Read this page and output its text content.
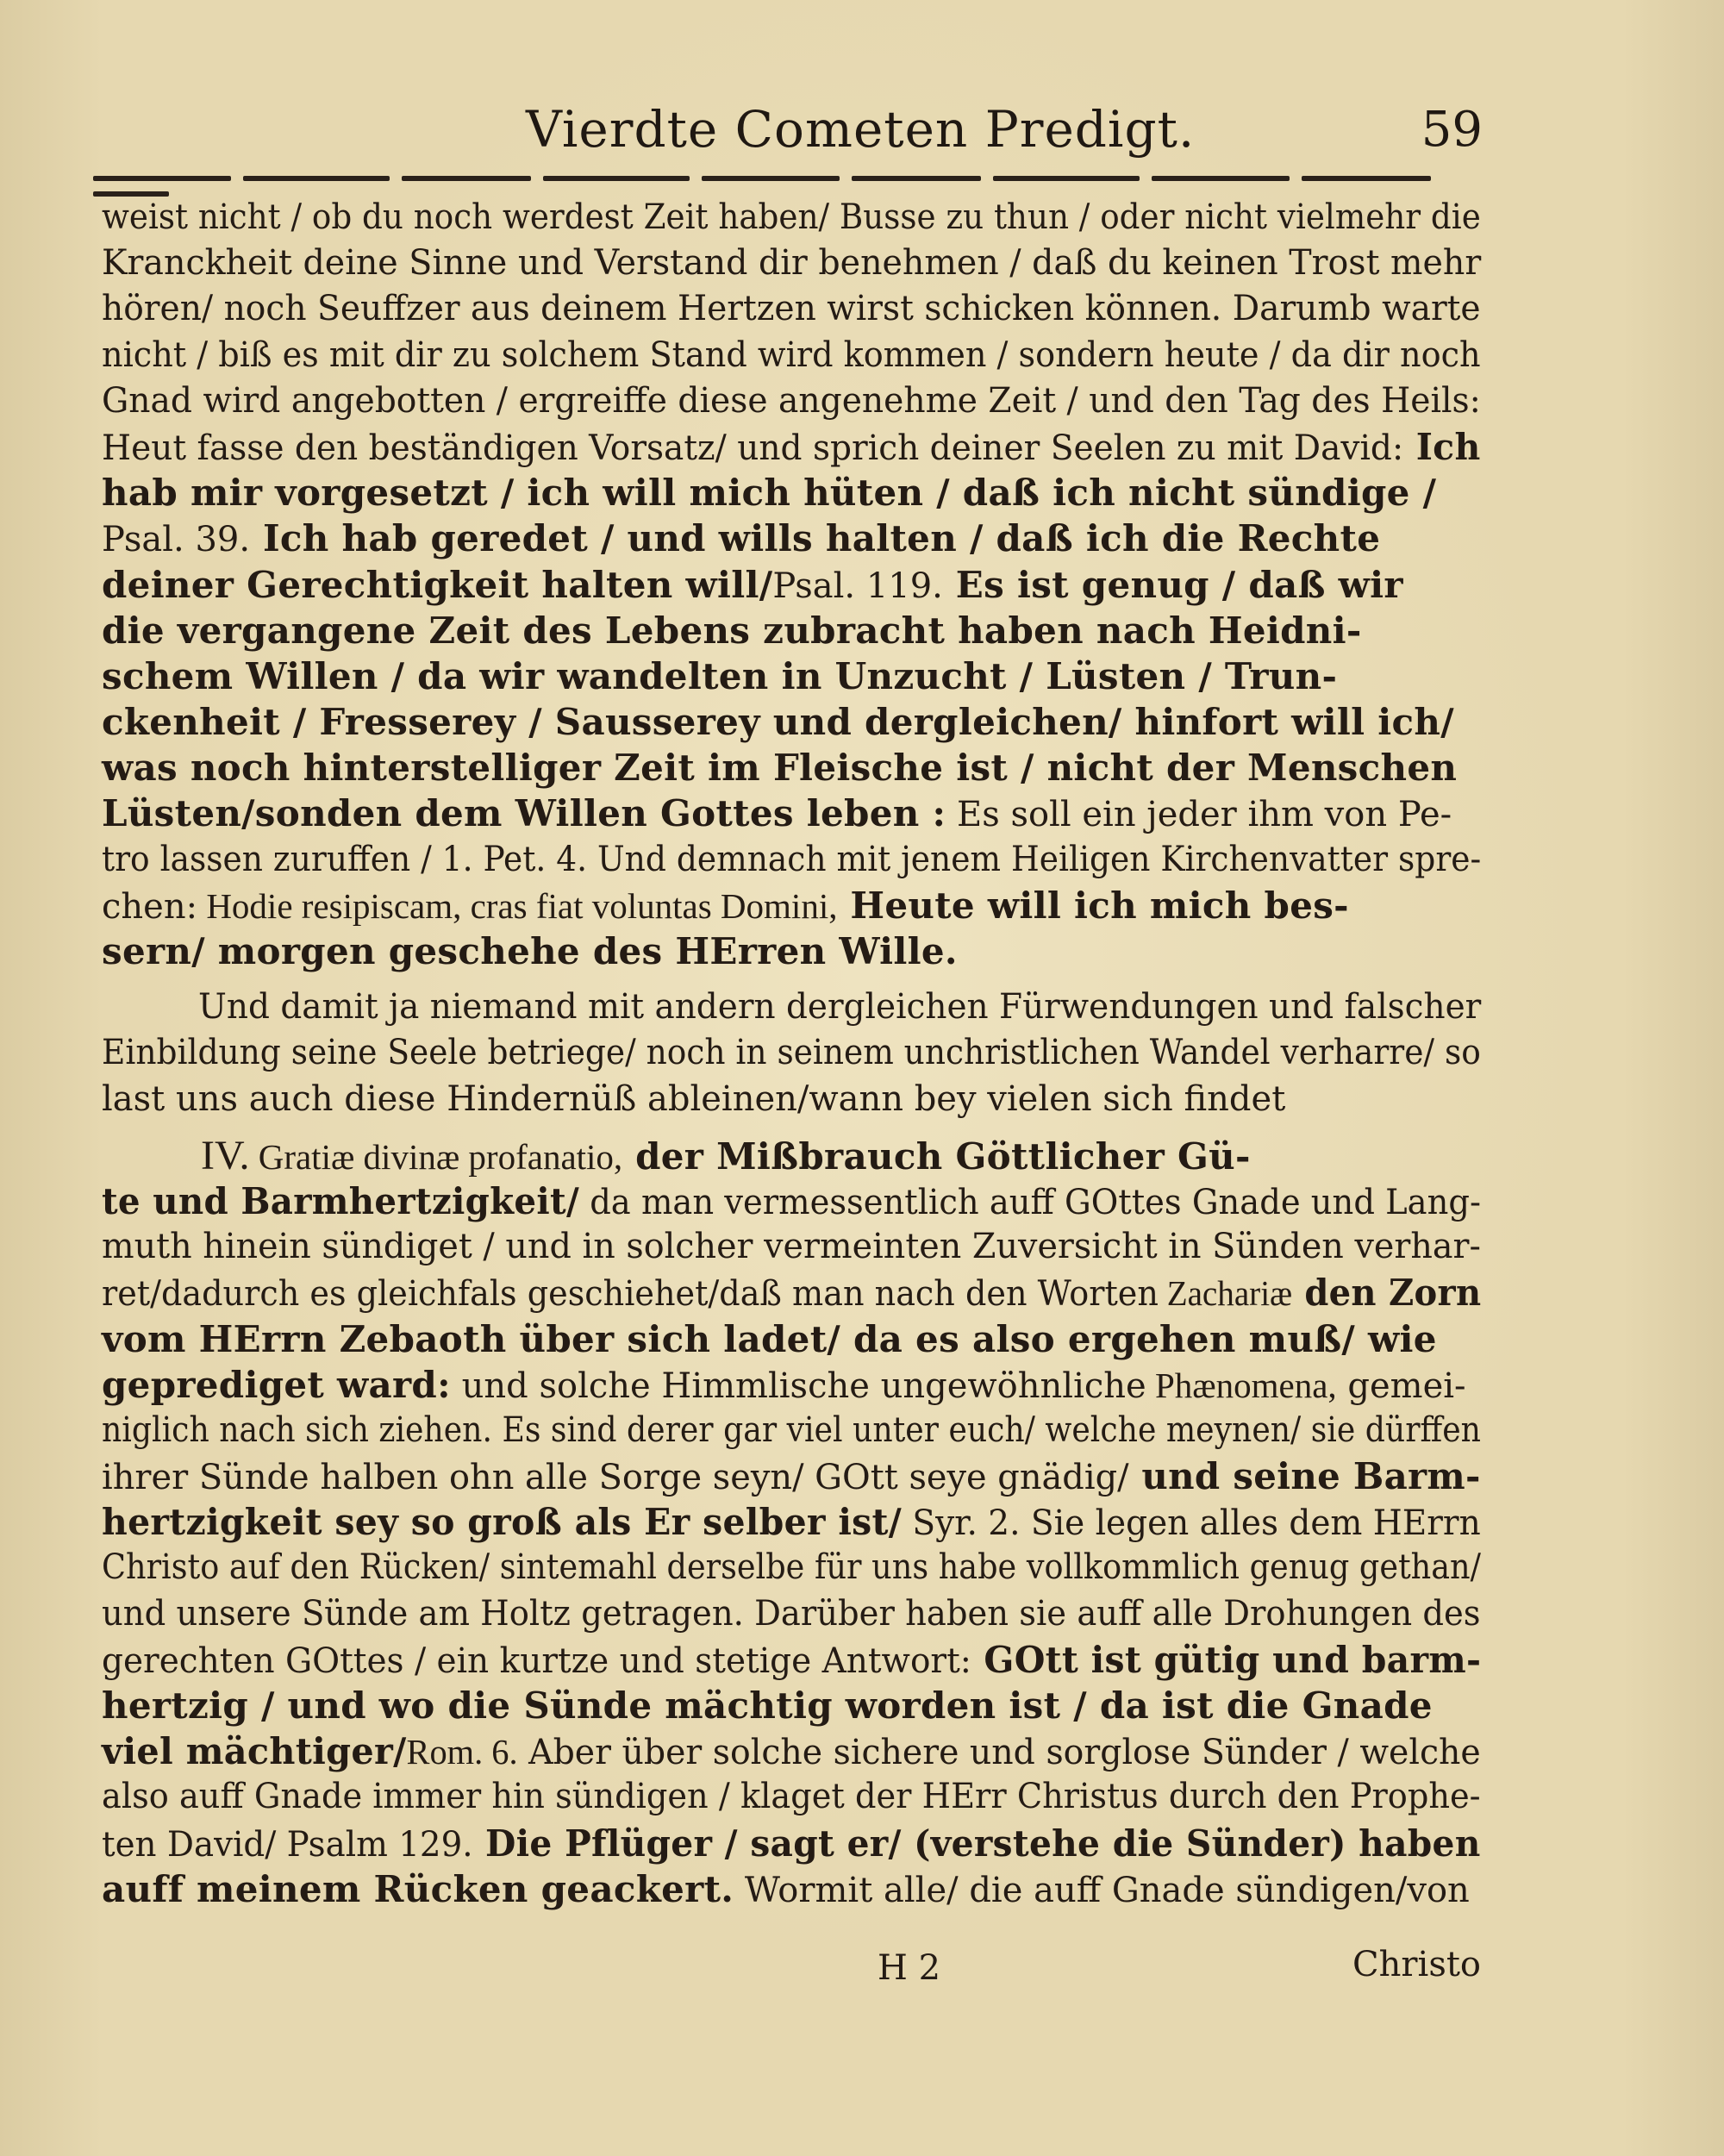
Vierdte Cometen Predigt.	59
weist nicht / ob du noch werdest Zeit haben/ Busse zu thun / oder nicht vielmehr die
Kranckheit deine Sinne und Verstand dir benehmen / daß du keinen Trost mehr
hören/ noch Seuffzer aus deinem Hertzen wirst schicken können. Darumb warte
nicht / biß es mit dir zu solchem Stand wird kommen / sondern heute / da dir noch
Gnad wird angebotten / ergreiffe diese angenehme Zeit / und den Tag des Heils:
Heut fasse den beständigen Vorsatz/ und sprich deiner Seelen zu mit David: Ich
hab mir vorgesetzt / ich will mich hüten / daß ich nicht sündige /
Psal. 39. Ich hab geredet / und wills halten / daß ich die Rechte
deiner Gerechtigkeit halten will/Psal. 119. Es ist genug / daß wir
die vergangene Zeit des Lebens zubracht haben nach Heidni-
schem Willen / da wir wandelten in Unzucht / Lüsten / Trun-
ckenheit / Fresserey / Sausserey und dergleichen/ hinfort will ich/
was noch hinterstelliger Zeit im Fleische ist / nicht der Menschen
Lüsten/sonden dem Willen Gottes leben : Es soll ein jeder ihm von Pe-
tro lassen zuruffen / 1. Pet. 4. Und demnach mit jenem Heiligen Kirchenvatter spre-
chen: Hodie resipiscam, cras fiat voluntas Domini, Heute will ich mich bes-
sern/ morgen geschehe des HErren Wille.
Und damit ja niemand mit andern dergleichen Fürwendungen und falscher
Einbildung seine Seele betriege/ noch in seinem unchristlichen Wandel verharre/ so
last uns auch diese Hindernüß ableinen/wann bey vielen sich findet
IV. Gratiæ divinæ profanatio, der Mißbrauch Göttlicher Gü-
te und Barmhertzigkeit/ da man vermessentlich auff GOttes Gnade und Lang-
muth hinein sündiget / und in solcher vermeinten Zuversicht in Sünden verhar-
ret/dadurch es gleichfals geschiehet/daß man nach den Worten Zachariæ den Zorn
vom HErrn Zebaoth über sich ladet/ da es also ergehen muß/ wie
geprediget ward: und solche Himmlische ungewöhnliche Phænomena, gemei-
niglich nach sich ziehen. Es sind derer gar viel unter euch/ welche meynen/ sie dürffen
ihrer Sünde halben ohn alle Sorge seyn/ GOtt seye gnädig/ und seine Barm-
hertzigkeit sey so groß als Er selber ist/ Syr. 2. Sie legen alles dem HErrn
Christo auf den Rücken/ sintemahl derselbe für uns habe vollkommlich genug gethan/
und unsere Sünde am Holtz getragen. Darüber haben sie auff alle Drohungen des
gerechten GOttes / ein kurtze und stetige Antwort: GOtt ist gütig und barm-
hertzig / und wo die Sünde mächtig worden ist / da ist die Gnade
viel mächtiger/Rom. 6. Aber über solche sichere und sorglose Sünder / welche
also auff Gnade immer hin sündigen / klaget der HErr Christus durch den Prophe-
ten David/ Psalm 129. Die Pflüger / sagt er/ (verstehe die Sünder) haben
auff meinem Rücken geackert. Wormit alle/ die auff Gnade sündigen/von
H 2	Christo
